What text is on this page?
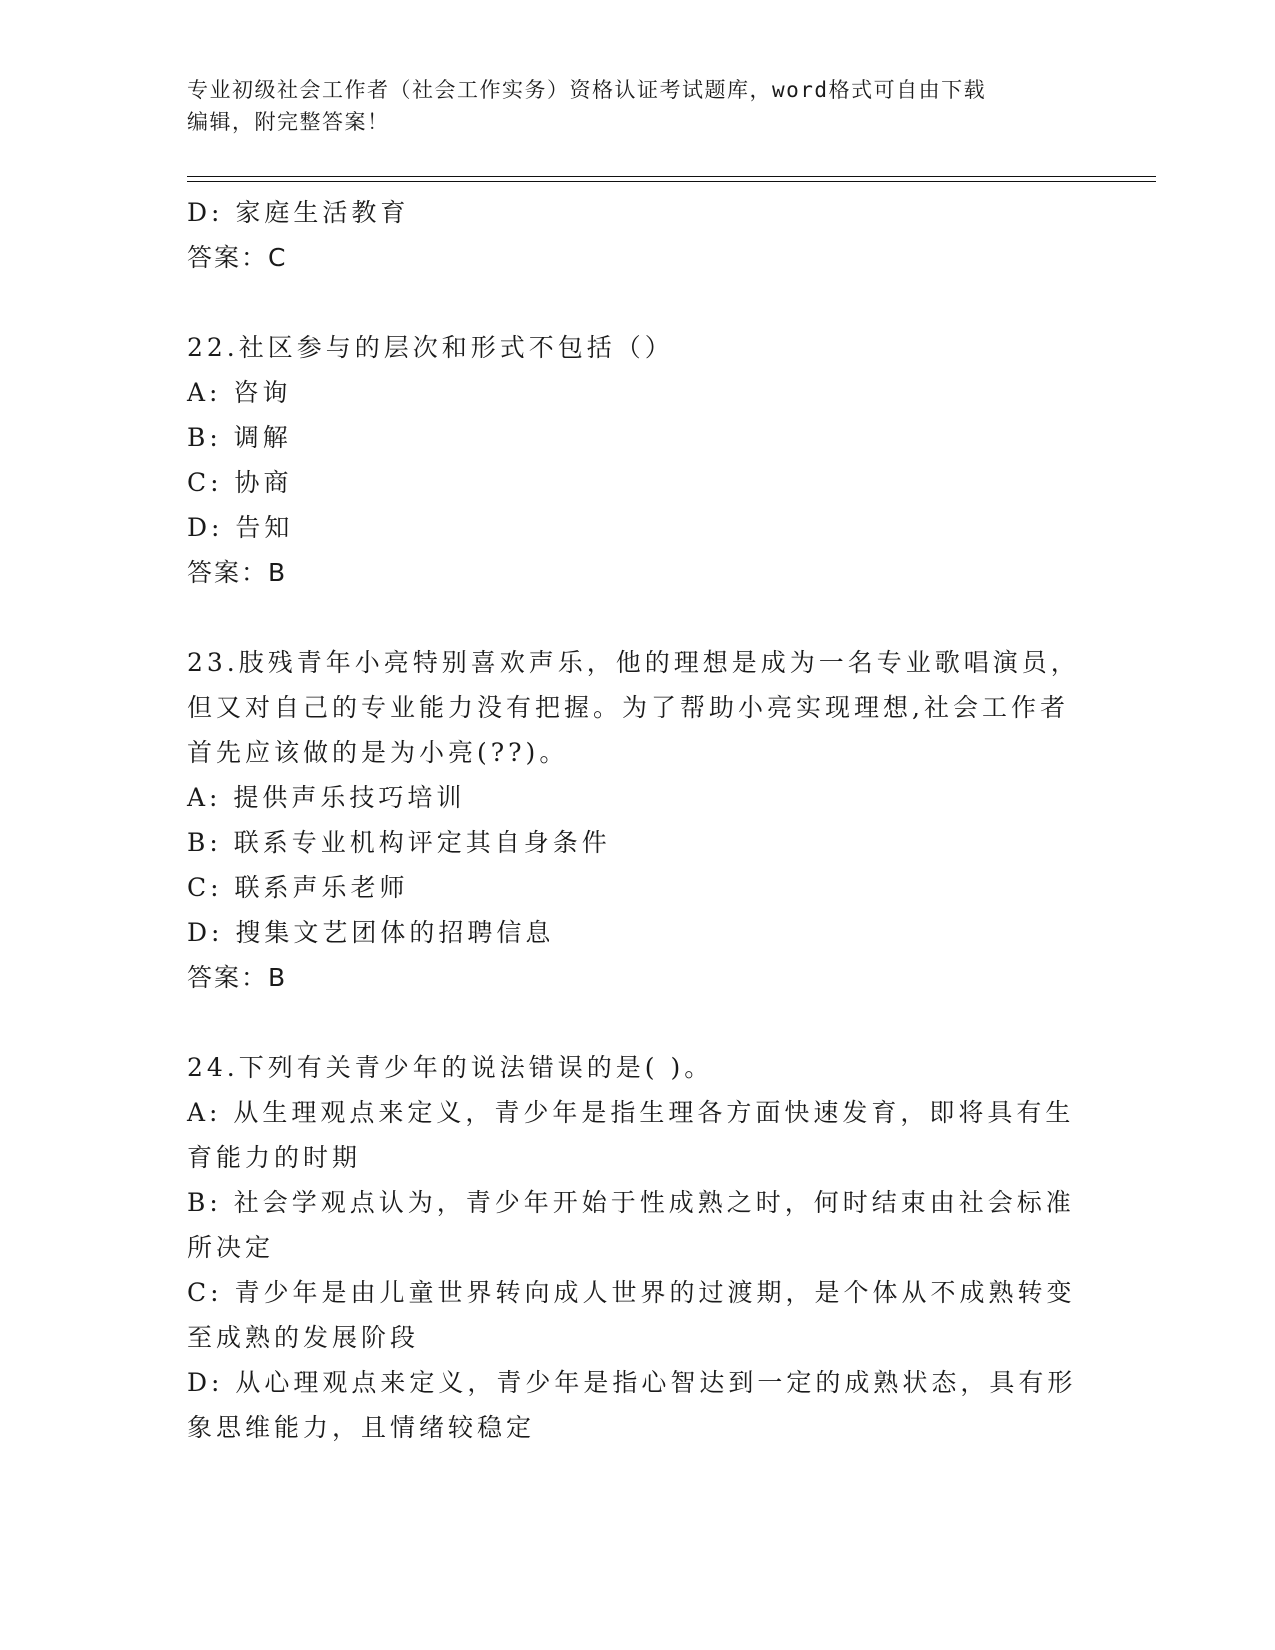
专业初级社会工作者（社会工作实务）资格认证考试题库，word格式可自由下载
编辑，附完整答案！
D: 家庭生活教育
答案：C
22.社区参与的层次和形式不包括（）
A: 咨询
B: 调解
C: 协商
D: 告知
答案：B
23.肢残青年小亮特别喜欢声乐，他的理想是成为一名专业歌唱演员，
但又对自己的专业能力没有把握。为了帮助小亮实现理想,社会工作者
首先应该做的是为小亮(??)。
A: 提供声乐技巧培训
B: 联系专业机构评定其自身条件
C: 联系声乐老师
D: 搜集文艺团体的招聘信息
答案：B
24.下列有关青少年的说法错误的是( )。
A: 从生理观点来定义，青少年是指生理各方面快速发育，即将具有生
育能力的时期
B: 社会学观点认为，青少年开始于性成熟之时，何时结束由社会标准
所决定
C: 青少年是由儿童世界转向成人世界的过渡期，是个体从不成熟转变
至成熟的发展阶段
D: 从心理观点来定义，青少年是指心智达到一定的成熟状态，具有形
象思维能力，且情绪较稳定
